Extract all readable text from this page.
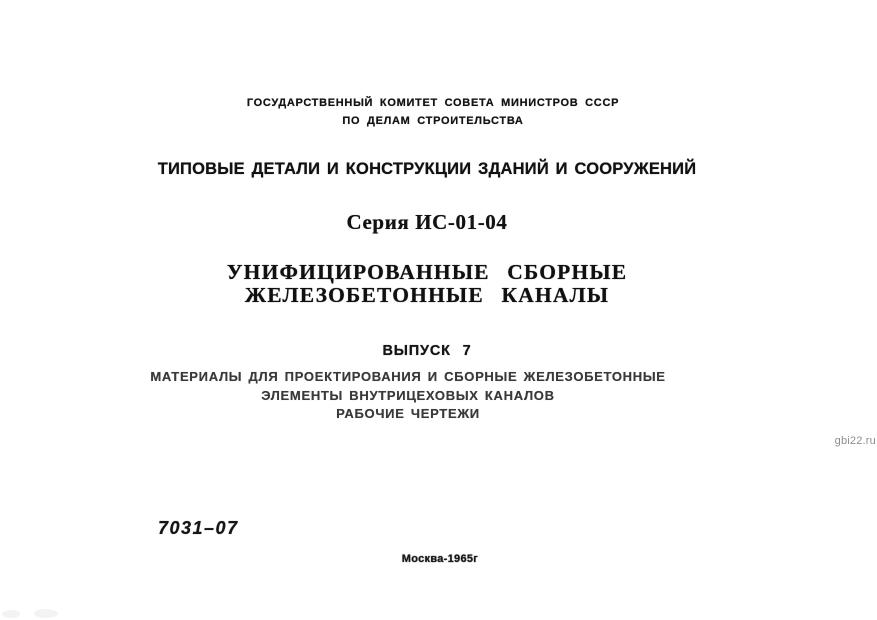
ГОСУДАРСТВЕННЫЙ КОМИТЕТ СОВЕТА МИНИСТРОВ СССР
ПО ДЕЛАМ СТРОИТЕЛЬСТВА
ТИПОВЫЕ ДЕТАЛИ И КОНСТРУКЦИИ ЗДАНИЙ И СООРУЖЕНИЙ
Серия ИС-01-04
УНИФИЦИРОВАННЫЕ СБОРНЫЕ
ЖЕЛЕЗОБЕТОННЫЕ КАНАЛЫ
ВЫПУСК 7
МАТЕРИАЛЫ ДЛЯ ПРОЕКТИРОВАНИЯ И СБОРНЫЕ ЖЕЛЕЗОБЕТОННЫЕ
ЭЛЕМЕНТЫ ВНУТРИЦЕХОВЫХ КАНАЛОВ
РАБОЧИЕ ЧЕРТЕЖИ
gbi22.ru
7031–07
Москва-1965г
